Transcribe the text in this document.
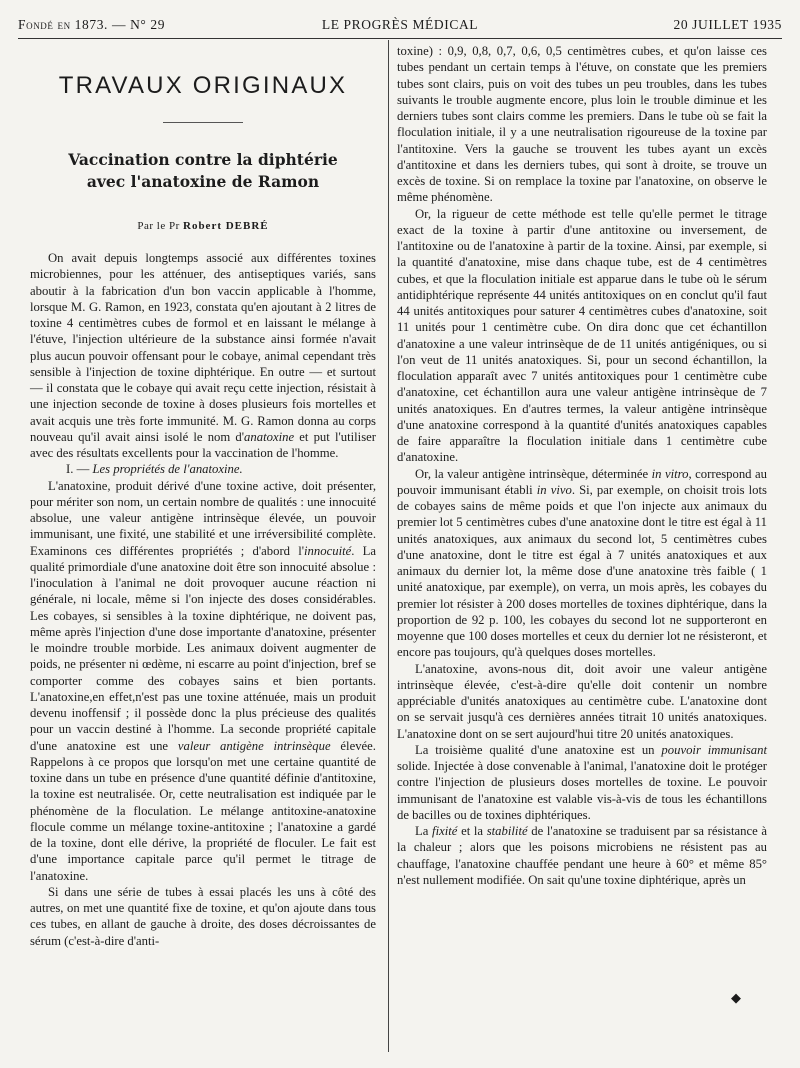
Fondé en 1873. — N° 29	LE PROGRÈS MÉDICAL	20 JUILLET 1935
TRAVAUX ORIGINAUX
Vaccination contre la diphtérie
avec l'anatoxine de Ramon
Par le Pr Robert DEBRÉ

On avait depuis longtemps associé aux différentes toxines microbiennes, pour les atténuer, des antiseptiques variés, sans aboutir à la fabrication d'un bon vaccin applicable à l'homme, lorsque M. G. Ramon, en 1923, constata qu'en ajoutant à 2 litres de toxine 4 centimètres cubes de formol et en laissant le mélange à l'étuve, l'injection ultérieure de la substance ainsi formée n'avait plus aucun pouvoir offensant pour le cobaye, animal cependant très sensible à l'injection de toxine diphtérique. En outre — et surtout — il constata que le cobaye qui avait reçu cette injection, résistait à une injection seconde de toxine à doses plusieurs fois mortelles et avait acquis une très forte immunité. M. G. Ramon donna au corps nouveau qu'il avait ainsi isolé le nom d'anatoxine et put l'utiliser avec des résultats excellents pour la vaccination de l'homme.

I. — Les propriétés de l'anatoxine.

L'anatoxine, produit dérivé d'une toxine active, doit présenter, pour mériter son nom, un certain nombre de qualités : une innocuité absolue, une valeur antigène intrinsèque élevée, un pouvoir immunisant, une fixité, une stabilité et une irréversibilité complète. Examinons ces différentes propriétés ; d'abord l'innocuité. La qualité primordiale d'une anatoxine doit être son innocuité absolue : l'inoculation à l'animal ne doit provoquer aucune réaction ni générale, ni locale, même si l'on injecte des doses considérables. Les cobayes, si sensibles à la toxine diphtérique, ne doivent pas, même après l'injection d'une dose importante d'anatoxine, présenter le moindre trouble morbide. Les animaux doivent augmenter de poids, ne présenter ni œdème, ni escarre au point d'injection, bref se comporter comme des cobayes sains et bien portants. L'anatoxine,en effet,n'est pas une toxine atténuée, mais un produit devenu inoffensif ; il possède donc la plus précieuse des qualités pour un vaccin destiné à l'homme. La seconde propriété capitale d'une anatoxine est une valeur antigène intrinsèque élevée. Rappelons à ce propos que lorsqu'on met une certaine quantité de toxine dans un tube en présence d'une quantité définie d'antitoxine, la toxine est neutralisée. Or, cette neutralisation est indiquée par le phénomène de la floculation. Le mélange antitoxine-anatoxine flocule comme un mélange toxine-antitoxine ; l'anatoxine a gardé de la toxine, dont elle dérive, la propriété de floculer. Le fait est d'une importance capitale parce qu'il permet le titrage de l'anatoxine.

Si dans une série de tubes à essai placés les uns à côté des autres, on met une quantité fixe de toxine, et qu'on ajoute dans tous ces tubes, en allant de gauche à droite, des doses décroissantes de sérum (c'est-à-dire d'anti-

toxine) : 0,9, 0,8, 0,7, 0,6, 0,5 centimètres cubes, et qu'on laisse ces tubes pendant un certain temps à l'étuve, on constate que les premiers tubes sont clairs, puis on voit des tubes un peu troubles, dans les tubes suivants le trouble augmente encore, plus loin le trouble diminue et les derniers tubes sont clairs comme les premiers. Dans le tube où se fait la floculation initiale, il y a une neutralisation rigoureuse de la toxine par l'antitoxine. Vers la gauche se trouvent les tubes ayant un excès d'antitoxine et dans les derniers tubes, qui sont à droite, se trouve un excès de toxine. Si on remplace la toxine par l'anatoxine, on observe le même phénomène.

Or, la rigueur de cette méthode est telle qu'elle permet le titrage exact de la toxine à partir d'une antitoxine ou inversement, de l'antitoxine ou de l'anatoxine à partir de la toxine. Ainsi, par exemple, si la quantité d'anatoxine, mise dans chaque tube, est de 4 centimètres cubes, et que la floculation initiale est apparue dans le tube où le sérum antidiphtérique représente 44 unités antitoxiques on en conclut qu'il faut 44 unités antitoxiques pour saturer 4 centimètres cubes d'anatoxine, soit 11 unités pour 1 centimètre cube. On dira donc que cet échantillon d'anatoxine a une valeur intrinsèque de de 11 unités antigéniques, ou si l'on veut de 11 unités anatoxiques. Si, pour un second échantillon, la floculation apparaît avec 7 unités antitoxiques pour 1 centimètre cube d'anatoxine, cet échantillon aura une valeur antigène intrinsèque de 7 unités anatoxiques. En d'autres termes, la valeur antigène intrinsèque d'une anatoxine correspond à la quantité d'unités anatoxiques capables de faire apparaître la floculation initiale dans 1 centimètre cube d'anatoxine.

Or, la valeur antigène intrinsèque, déterminée in vitro, correspond au pouvoir immunisant établi in vivo. Si, par exemple, on choisit trois lots de cobayes sains de même poids et que l'on injecte aux animaux du premier lot 5 centimètres cubes d'une anatoxine dont le titre est égal à 11 unités anatoxiques, aux animaux du second lot, 5 centimètres cubes d'une anatoxine, dont le titre est égal à 7 unités anatoxiques et aux animaux du dernier lot, la même dose d'une anatoxine très faible ( 1 unité anatoxique, par exemple), on verra, un mois après, les cobayes du premier lot résister à 200 doses mortelles de toxines diphtérique, dans la proportion de 92 p. 100, les cobayes du second lot ne supporteront en moyenne que 100 doses mortelles et ceux du dernier lot ne résisteront, et encore pas toujours, qu'à quelques doses mortelles.

L'anatoxine, avons-nous dit, doit avoir une valeur antigène intrinsèque élevée, c'est-à-dire qu'elle doit contenir un nombre appréciable d'unités anatoxiques au centimètre cube. L'anatoxine dont on se servait jusqu'à ces dernières années titrait 10 unités anatoxiques. L'anatoxine dont on se sert aujourd'hui titre 20 unités anatoxiques.

La troisième qualité d'une anatoxine est un pouvoir immunisant solide. Injectée à dose convenable à l'animal, l'anatoxine doit le protéger contre l'injection de plusieurs doses mortelles de toxine. Le pouvoir immunisant de l'anatoxine est valable vis-à-vis de tous les échantillons de bacilles ou de toxines diphtériques.

La fixité et la stabilité de l'anatoxine se traduisent par sa résistance à la chaleur ; alors que les poisons microbiens ne résistent pas au chauffage, l'anatoxine chauffée pendant une heure à 60° et même 85° n'est nullement modifiée. On sait qu'une toxine diphtérique, après un

◆
